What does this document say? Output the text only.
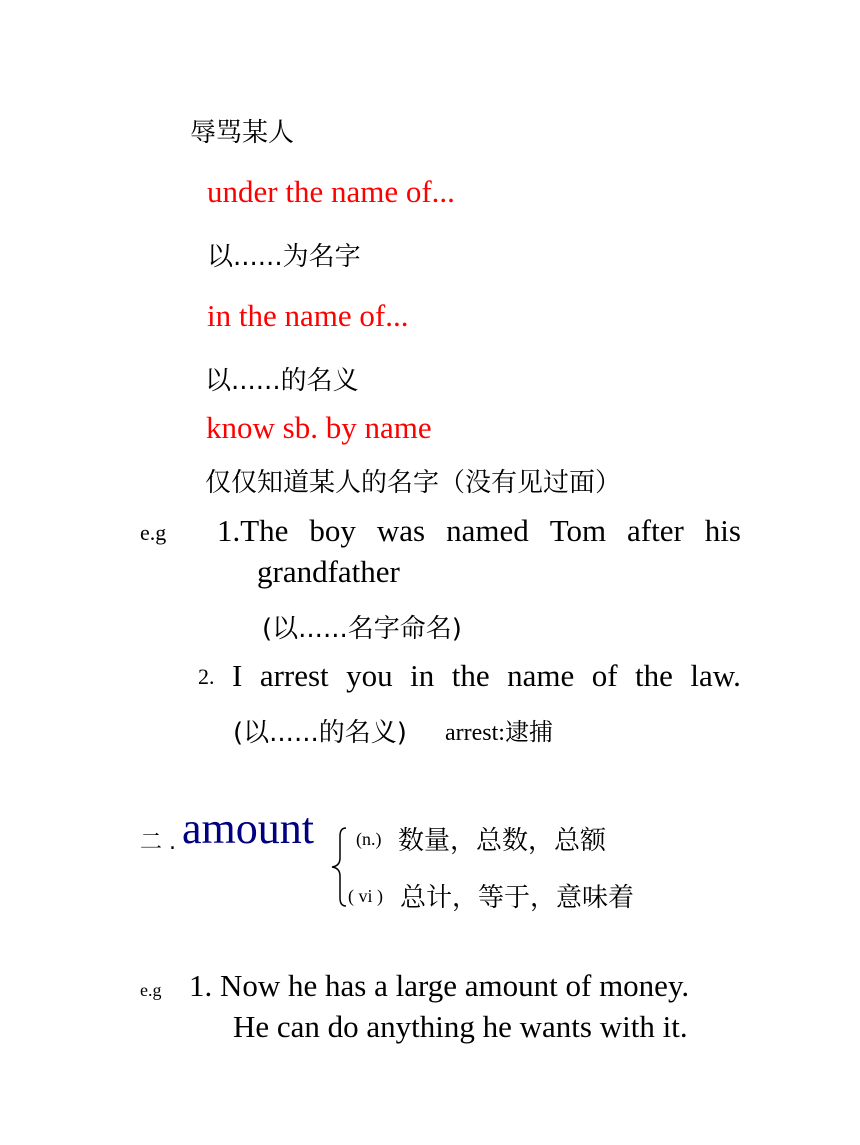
辱骂某人
under the name of...
以......为名字
in the name of...
以......的名义
know sb. by name
仅仅知道某人的名字（没有见过面）
e.g 1.The boy was named Tom after his
grandfather
(以......名字命名)
2. I arrest you in the name of the law.
(以......的名义) arrest:逮捕
二 . amount (n.) 数量，总数，总额
( vi ) 总计，等于，意味着
e.g 1. Now he has a large amount of money.
He can do anything he wants with it.
